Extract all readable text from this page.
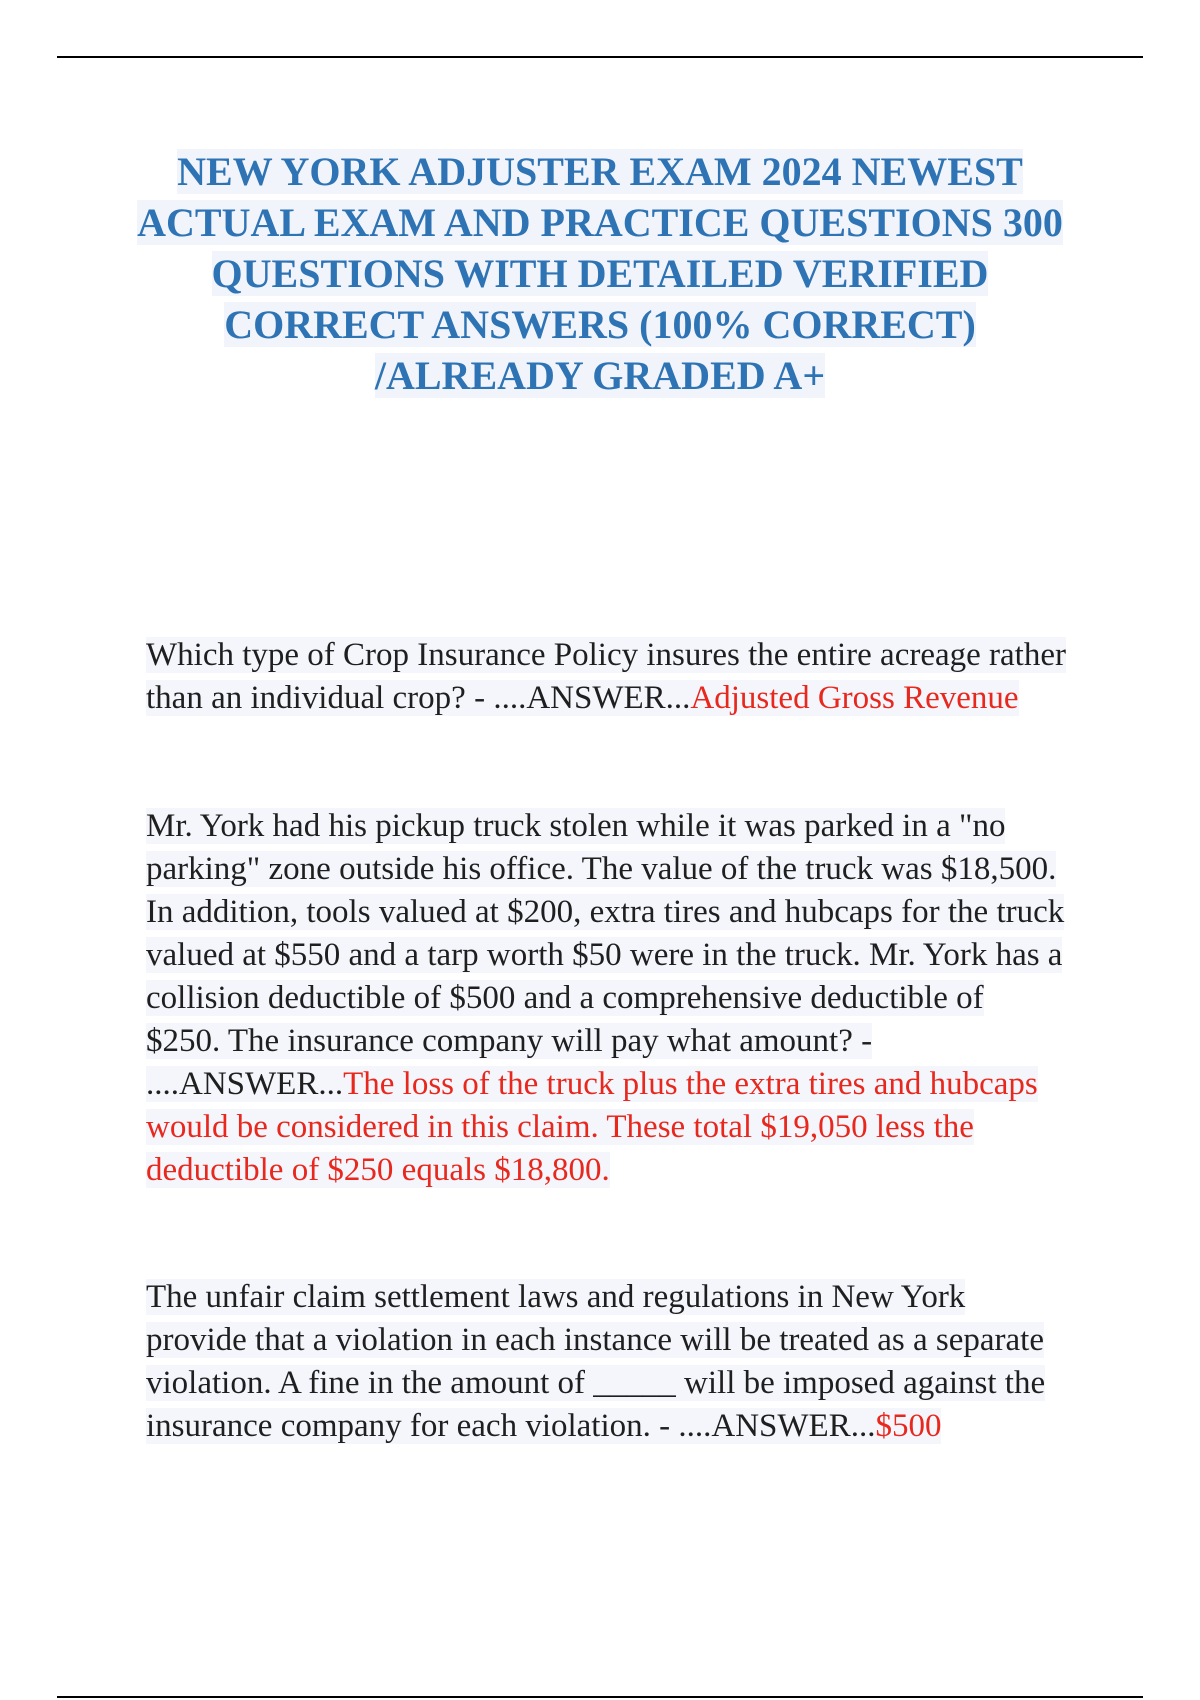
NEW YORK ADJUSTER EXAM 2024 NEWEST ACTUAL EXAM AND PRACTICE QUESTIONS 300 QUESTIONS WITH DETAILED VERIFIED CORRECT ANSWERS (100% CORRECT) /ALREADY GRADED A+
Which type of Crop Insurance Policy insures the entire acreage rather than an individual crop? - ....ANSWER...Adjusted Gross Revenue
Mr. York had his pickup truck stolen while it was parked in a "no parking" zone outside his office. The value of the truck was $18,500. In addition, tools valued at $200, extra tires and hubcaps for the truck valued at $550 and a tarp worth $50 were in the truck. Mr. York has a collision deductible of $500 and a comprehensive deductible of $250. The insurance company will pay what amount? - ....ANSWER...The loss of the truck plus the extra tires and hubcaps would be considered in this claim. These total $19,050 less the deductible of $250 equals $18,800.
The unfair claim settlement laws and regulations in New York provide that a violation in each instance will be treated as a separate violation. A fine in the amount of _____ will be imposed against the insurance company for each violation. - ....ANSWER...$500
